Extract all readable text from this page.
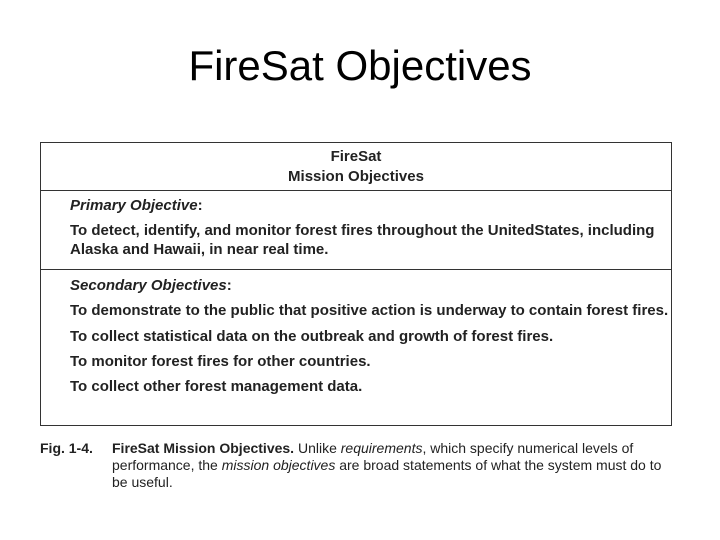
FireSat Objectives
FireSat
Mission Objectives
Primary Objective:
To detect, identify, and monitor forest fires throughout the UnitedStates, including Alaska and Hawaii, in near real time.
Secondary Objectives:
To demonstrate to the public that positive action is underway to contain forest fires.
To collect statistical data on the outbreak and growth of forest fires.
To monitor forest fires for other countries.
To collect other forest management data.
Fig. 1-4. FireSat Mission Objectives. Unlike requirements, which specify numerical levels of performance, the mission objectives are broad statements of what the system must do to be useful.
